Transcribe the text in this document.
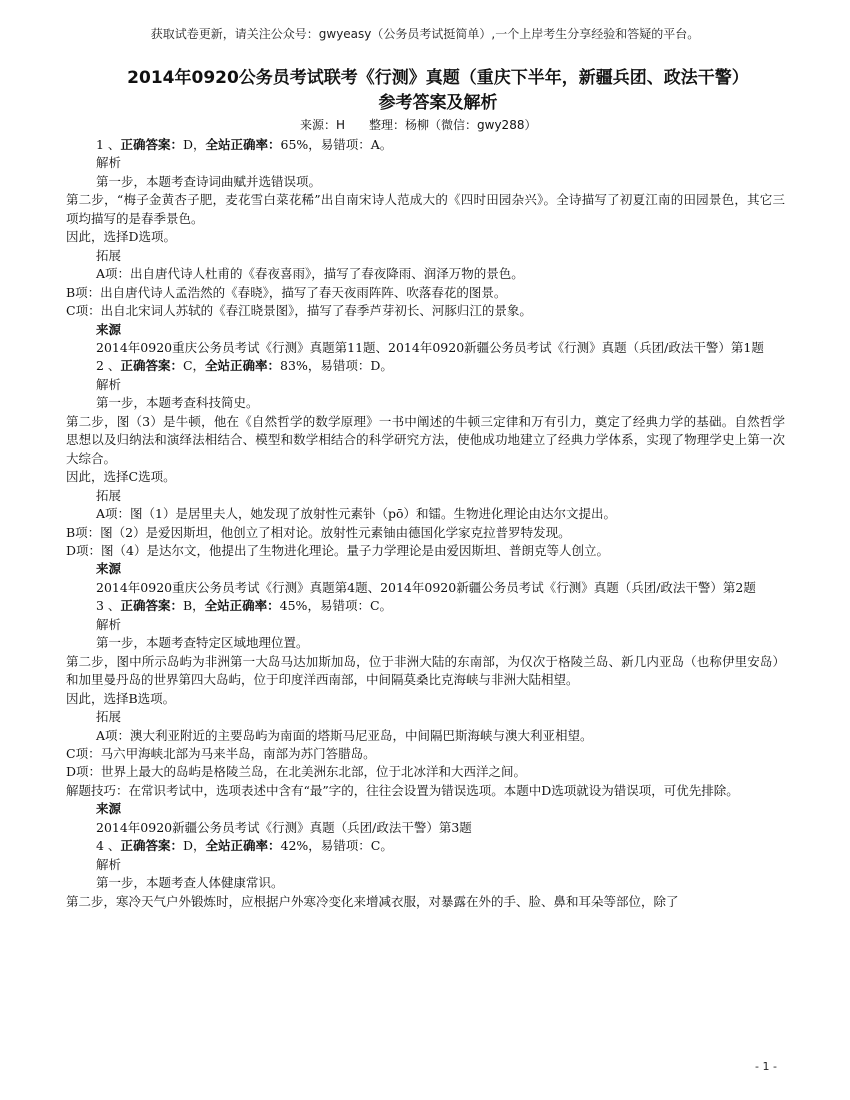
获取试卷更新，请关注公众号：gwyeasy（公务员考试挺简单）,一个上岸考生分享经验和答疑的平台。
2014年0920公务员考试联考《行测》真题（重庆下半年，新疆兵团、政法干警）
参考答案及解析
来源：H　　整理：杨柳（微信：gwy288）

1 、正确答案：D，全站正确率：65%，易错项：A。

解析

第一步，本题考查诗词曲赋并选错误项。

第二步，“梅子金黄杏子肥，麦花雪白菜花稀”出自南宋诗人范成大的《四时田园杂兴》。全诗描写了初夏江南的田园景色，其它三项均描写的是春季景色。

因此，选择D选项。

拓展

A项：出自唐代诗人杜甫的《春夜喜雨》，描写了春夜降雨、润泽万物的景色。

B项：出自唐代诗人孟浩然的《春晓》，描写了春天夜雨阵阵、吹落春花的图景。

C项：出自北宋词人苏轼的《春江晓景图》，描写了春季芦芽初长、河豚归江的景象。

来源

2014年0920重庆公务员考试《行测》真题第11题、2014年0920新疆公务员考试《行测》真题（兵团/政法干警）第1题

2 、正确答案：C，全站正确率：83%，易错项：D。

解析

第一步，本题考查科技简史。

第二步，图（3）是牛顿，他在《自然哲学的数学原理》一书中阐述的牛顿三定律和万有引力，奠定了经典力学的基础。自然哲学思想以及归纳法和演绎法相结合、模型和数学相结合的科学研究方法，使他成功地建立了经典力学体系，实现了物理学史上第一次大综合。

因此，选择C选项。

拓展

A项：图（1）是居里夫人，她发现了放射性元素钋（pō）和镭。生物进化理论由达尔文提出。

B项：图（2）是爱因斯坦，他创立了相对论。放射性元素铀由德国化学家克拉普罗特发现。

D项：图（4）是达尔文，他提出了生物进化理论。量子力学理论是由爱因斯坦、普朗克等人创立。

来源

2014年0920重庆公务员考试《行测》真题第4题、2014年0920新疆公务员考试《行测》真题（兵团/政法干警）第2题

3 、正确答案：B，全站正确率：45%，易错项：C。

解析

第一步，本题考查特定区域地理位置。

第二步，图中所示岛屿为非洲第一大岛马达加斯加岛，位于非洲大陆的东南部，为仅次于格陵兰岛、新几内亚岛（也称伊里安岛）和加里曼丹岛的世界第四大岛屿，位于印度洋西南部，中间隔莫桑比克海峡与非洲大陆相望。

因此，选择B选项。

拓展

A项：澳大利亚附近的主要岛屿为南面的塔斯马尼亚岛，中间隔巴斯海峡与澳大利亚相望。

C项：马六甲海峡北部为马来半岛，南部为苏门答腊岛。

D项：世界上最大的岛屿是格陵兰岛，在北美洲东北部，位于北冰洋和大西洋之间。

解题技巧：在常识考试中，选项表述中含有“最”字的，往往会设置为错误选项。本题中D选项就设为错误项，可优先排除。

来源

2014年0920新疆公务员考试《行测》真题（兵团/政法干警）第3题

4 、正确答案：D，全站正确率：42%，易错项：C。

解析

第一步，本题考查人体健康常识。

第二步，寒冷天气户外锻炼时，应根据户外寒冷变化来增减衣服，对暴露在外的手、脸、鼻和耳朵等部位，除了

- 1 -
